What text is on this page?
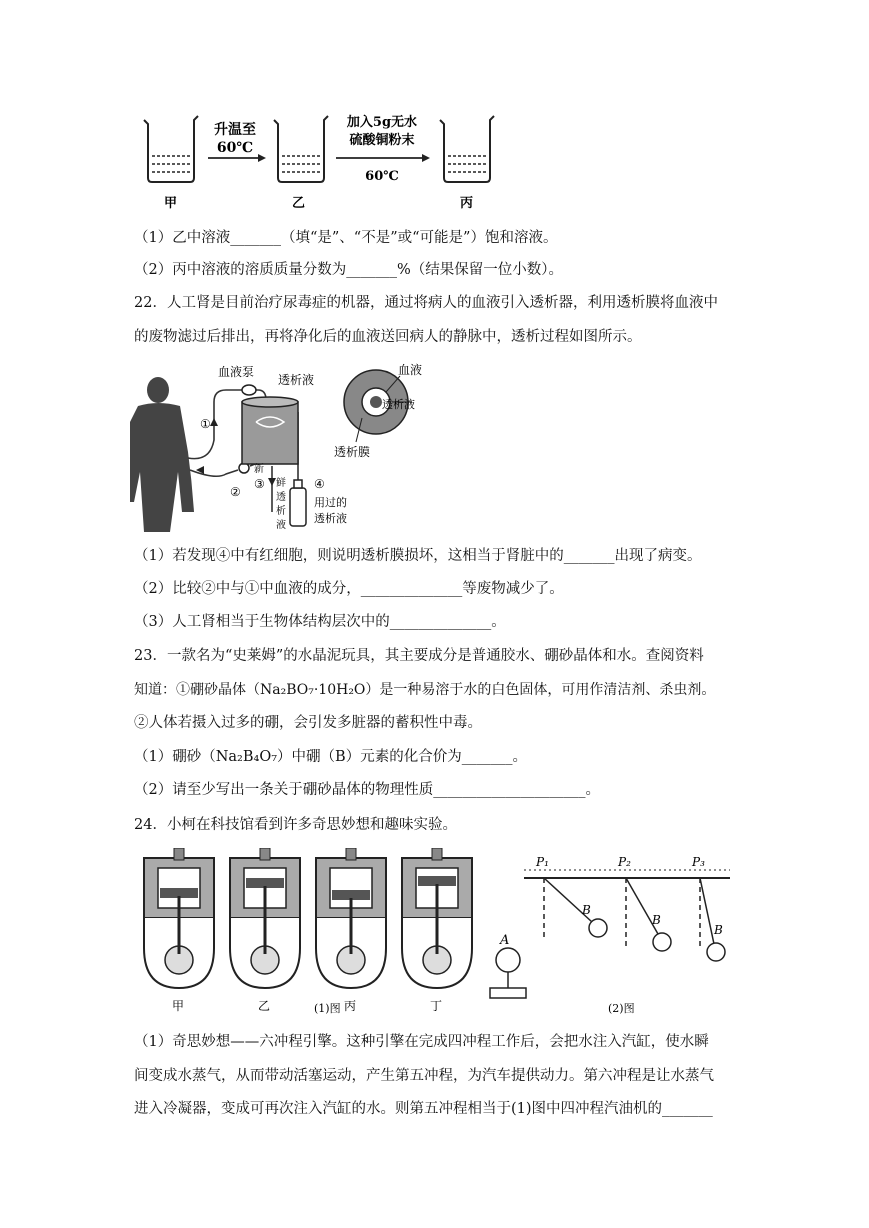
升温至
60℃
加入5g无水
硫酸铜粉末
60℃
甲	乙	丙
（1）乙中溶液_______（填“是”、“不是”或“可能是”）饱和溶液。
（2）丙中溶液的溶质质量分数为_______%（结果保留一位小数）。
22．人工肾是目前治疗尿毒症的机器，通过将病人的血液引入透析器，利用透析膜将血液中
的废物滤过后排出，再将净化后的血液送回病人的静脉中，透析过程如图所示。
血液泵
透析液
血液
透析液
透析膜
①
②
③	④
新
鲜
透
析
液
用过的
透析液
（1）若发现④中有红细胞，则说明透析膜损坏，这相当于肾脏中的_______出现了病变。
（2）比较②中与①中血液的成分，______________等废物减少了。
（3）人工肾相当于生物体结构层次中的______________。
23．一款名为“史莱姆”的水晶泥玩具，其主要成分是普通胶水、硼砂晶体和水。查阅资料
知道：①硼砂晶体（Na₂BO₇·10H₂O）是一种易溶于水的白色固体，可用作清洁剂、杀虫剂。
②人体若摄入过多的硼，会引发多脏器的蓄积性中毒。
（1）硼砂（Na₂B₄O₇）中硼（B）元素的化合价为_______。
（2）请至少写出一条关于硼砂晶体的物理性质_____________________。
24．小柯在科技馆看到许多奇思妙想和趣味实验。
甲	乙	丙	丁
(1)图	(2)图
P₁	P₂	P₃
A
B
B
B
（1）奇思妙想——六冲程引擎。这种引擎在完成四冲程工作后，会把水注入汽缸，使水瞬
间变成水蒸气，从而带动活塞运动，产生第五冲程，为汽车提供动力。第六冲程是让水蒸气
进入冷凝器，变成可再次注入汽缸的水。则第五冲程相当于(1)图中四冲程汽油机的_______
